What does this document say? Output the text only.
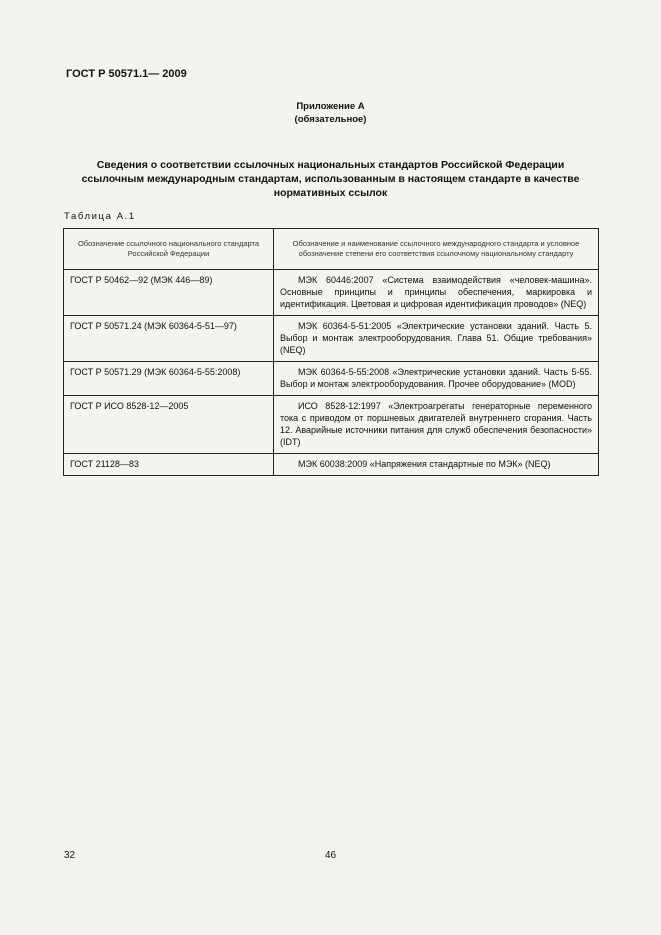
ГОСТ Р 50571.1— 2009
Приложение А
(обязательное)
Сведения о соответствии ссылочных национальных стандартов Российской Федерации
ссылочным международным стандартам, использованным в настоящем стандарте в качестве
нормативных ссылок
Таблица А.1
Обозначение ссылочного национального стандарта Российской Федерации	Обозначение и наименование ссылочного международного стандарта и условное обозначение степени его соответствия ссылочному национальному стандарту
ГОСТ Р 50462—92 (МЭК 446—89)	МЭК 60446:2007 «Система взаимодействия «человек-машина». Основные принципы и принципы обеспечения, маркировка и идентификация. Цветовая и цифровая идентификация проводов» (NEQ)
ГОСТ Р 50571.24 (МЭК 60364-5-51—97)	МЭК 60364-5-51:2005 «Электрические установки зданий. Часть 5. Выбор и монтаж электрооборудования. Глава 51. Общие требования» (NEQ)
ГОСТ Р 50571.29 (МЭК 60364-5-55:2008)	МЭК 60364-5-55:2008 «Электрические установки зданий. Часть 5-55. Выбор и монтаж электрооборудования. Прочее оборудование» (MOD)
ГОСТ Р ИСО 8528-12—2005	ИСО 8528-12:1997 «Электроагрегаты генераторные переменного тока с приводом от поршневых двигателей внутреннего сгорания. Часть 12. Аварийные источники питания для служб обеспечения безопасности» (IDT)
ГОСТ 21128—83	МЭК 60038:2009 «Напряжения стандартные по МЭК» (NEQ)
32	46
